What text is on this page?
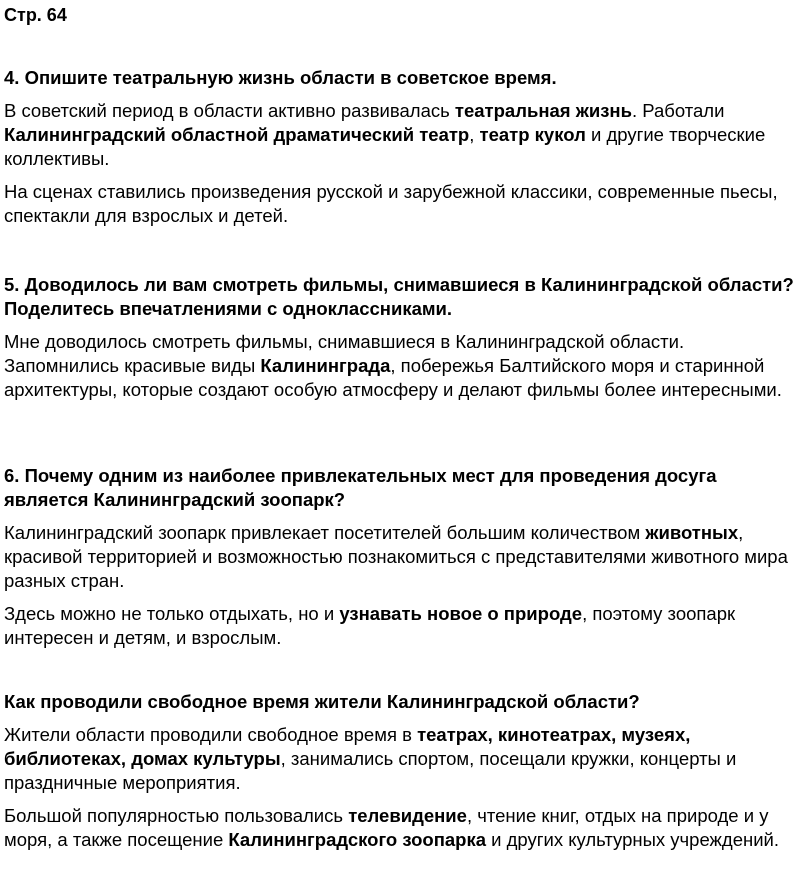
Стр. 64
4. Опишите театральную жизнь области в советское время.

В советский период в области активно развивалась театральная жизнь. Работали Калининградский областной драматический театр, театр кукол и другие творческие коллективы.

На сценах ставились произведения русской и зарубежной классики, современные пьесы, спектакли для взрослых и детей.

5. Доводилось ли вам смотреть фильмы, снимавшиеся в Калининградской области? Поделитесь впечатлениями с одноклассниками.

Мне доводилось смотреть фильмы, снимавшиеся в Калининградской области. Запомнились красивые виды Калининграда, побережья Балтийского моря и старинной архитектуры, которые создают особую атмосферу и делают фильмы более интересными.

6. Почему одним из наиболее привлекательных мест для проведения досуга является Калининградский зоопарк?

Калининградский зоопарк привлекает посетителей большим количеством животных, красивой территорией и возможностью познакомиться с представителями животного мира разных стран.

Здесь можно не только отдыхать, но и узнавать новое о природе, поэтому зоопарк интересен и детям, и взрослым.

Как проводили свободное время жители Калининградской области?

Жители области проводили свободное время в театрах, кинотеатрах, музеях, библиотеках, домах культуры, занимались спортом, посещали кружки, концерты и праздничные мероприятия.

Большой популярностью пользовались телевидение, чтение книг, отдых на природе и у моря, а также посещение Калининградского зоопарка и других культурных учреждений.
